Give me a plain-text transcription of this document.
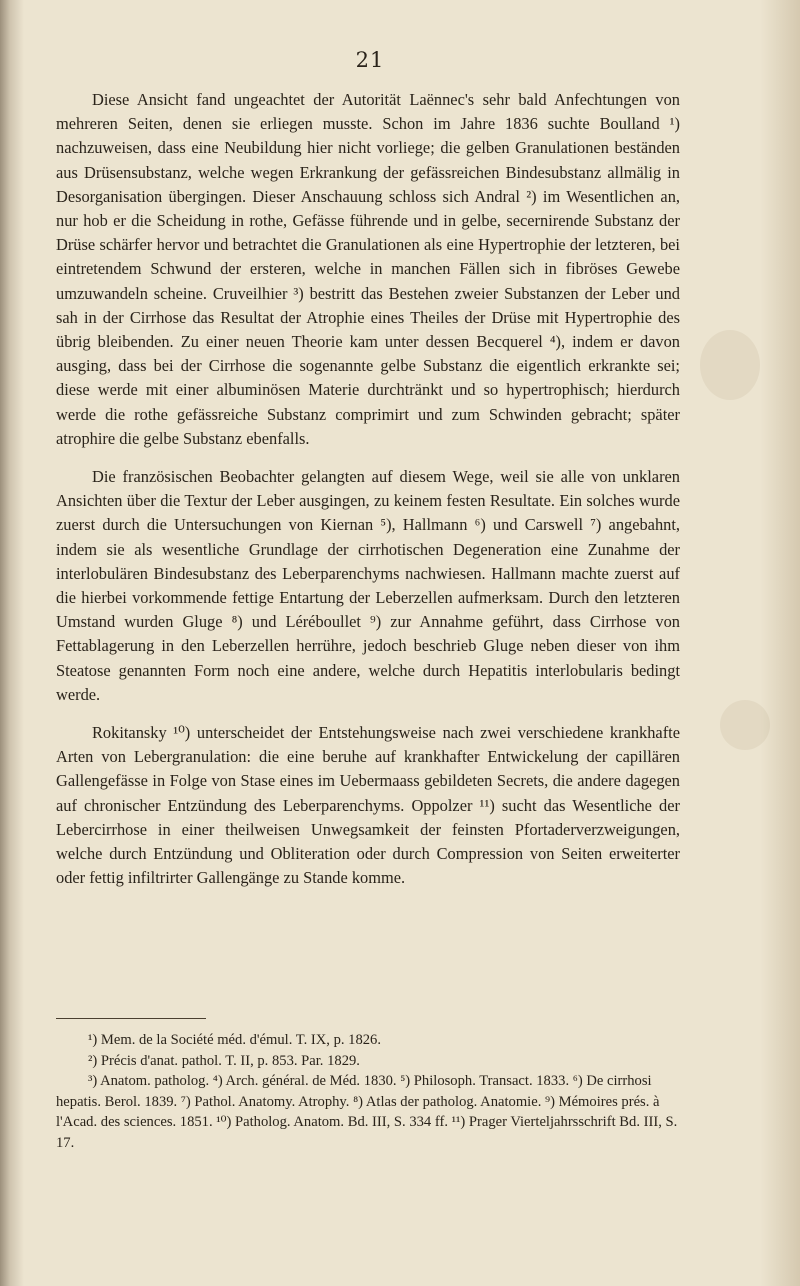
21

Diese Ansicht fand ungeachtet der Autorität Laënnec's sehr bald Anfechtungen von mehreren Seiten, denen sie erliegen musste. Schon im Jahre 1836 suchte Boulland ¹) nachzuweisen, dass eine Neubildung hier nicht vorliege; die gelben Granulationen beständen aus Drüsensubstanz, welche wegen Erkrankung der gefässreichen Bindesubstanz allmälig in Desorganisation übergingen. Dieser Anschauung schloss sich Andral ²) im Wesentlichen an, nur hob er die Scheidung in rothe, Gefässe führende und in gelbe, secernirende Substanz der Drüse schärfer hervor und betrachtet die Granulationen als eine Hypertrophie der letzteren, bei eintretendem Schwund der ersteren, welche in manchen Fällen sich in fibröses Gewebe umzuwandeln scheine. Cruveilhier ³) bestritt das Bestehen zweier Substanzen der Leber und sah in der Cirrhose das Resultat der Atrophie eines Theiles der Drüse mit Hypertrophie des übrig bleibenden. Zu einer neuen Theorie kam unter dessen Becquerel ⁴), indem er davon ausging, dass bei der Cirrhose die sogenannte gelbe Substanz die eigentlich erkrankte sei; diese werde mit einer albuminösen Materie durchtränkt und so hypertrophisch; hierdurch werde die rothe gefässreiche Substanz comprimirt und zum Schwinden gebracht; später atrophire die gelbe Substanz ebenfalls.

Die französischen Beobachter gelangten auf diesem Wege, weil sie alle von unklaren Ansichten über die Textur der Leber ausgingen, zu keinem festen Resultate. Ein solches wurde zuerst durch die Untersuchungen von Kiernan ⁵), Hallmann ⁶) und Carswell ⁷) angebahnt, indem sie als wesentliche Grundlage der cirrhotischen Degeneration eine Zunahme der interlobulären Bindesubstanz des Leberparenchyms nachwiesen. Hallmann machte zuerst auf die hierbei vorkommende fettige Entartung der Leberzellen aufmerksam. Durch den letzteren Umstand wurden Gluge ⁸) und Léréboullet ⁹) zur Annahme geführt, dass Cirrhose von Fettablagerung in den Leberzellen herrühre, jedoch beschrieb Gluge neben dieser von ihm Steatose genannten Form noch eine andere, welche durch Hepatitis interlobularis bedingt werde.

Rokitansky ¹⁰) unterscheidet der Entstehungsweise nach zwei verschiedene krankhafte Arten von Lebergranulation: die eine beruhe auf krankhafter Entwickelung der capillären Gallengefässe in Folge von Stase eines im Uebermaass gebildeten Secrets, die andere dagegen auf chronischer Entzündung des Leberparenchyms. Oppolzer ¹¹) sucht das Wesentliche der Lebercirrhose in einer theilweisen Unwegsamkeit der feinsten Pfortaderverzweigungen, welche durch Entzündung und Obliteration oder durch Compression von Seiten erweiterter oder fettig infiltrirter Gallengänge zu Stande komme.

¹) Mem. de la Société méd. d'émul. T. IX, p. 1826.

²) Précis d'anat. pathol. T. II, p. 853. Par. 1829.

³) Anatom. patholog. ⁴) Arch. général. de Méd. 1830. ⁵) Philosoph. Transact. 1833. ⁶) De cirrhosi hepatis. Berol. 1839. ⁷) Pathol. Anatomy. Atrophy. ⁸) Atlas der patholog. Anatomie. ⁹) Mémoires prés. à l'Acad. des sciences. 1851. ¹⁰) Patholog. Anatom. Bd. III, S. 334 ff. ¹¹) Prager Vierteljahrsschrift Bd. III, S. 17.
